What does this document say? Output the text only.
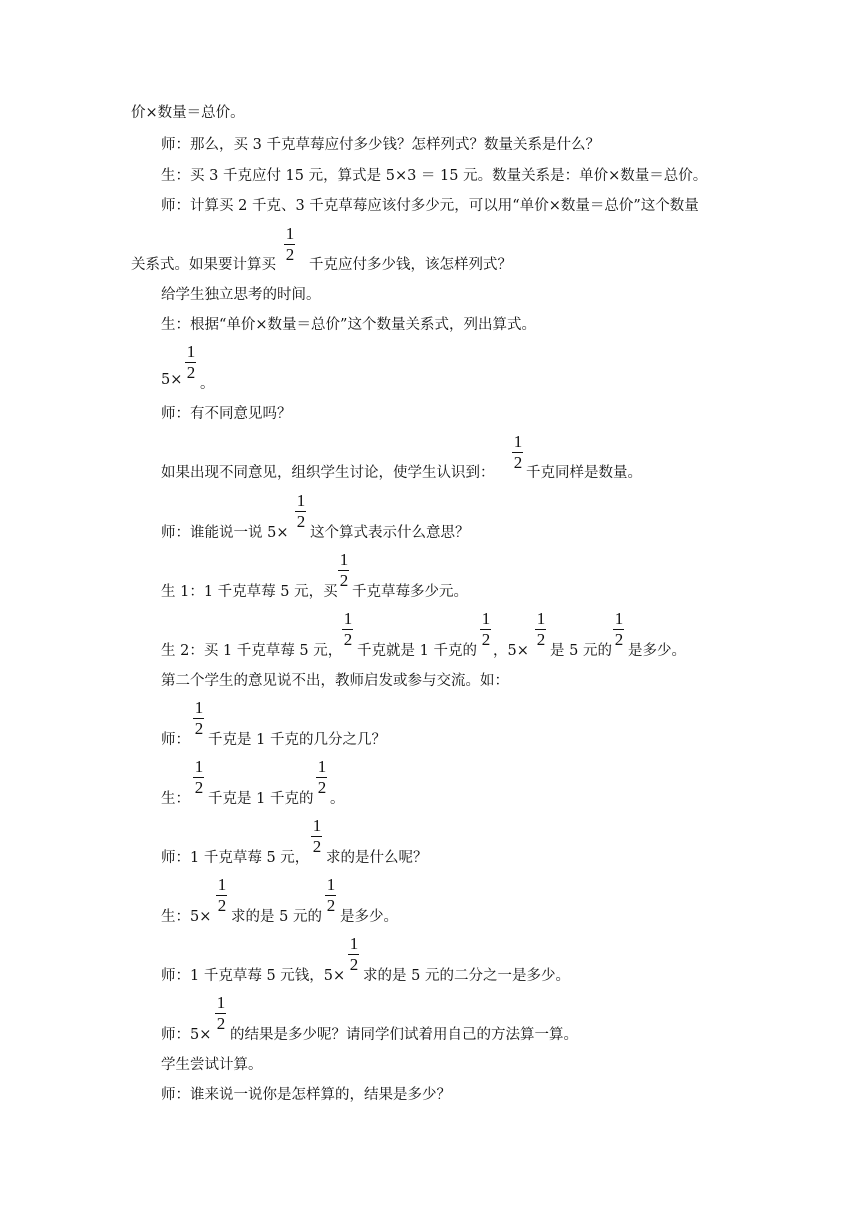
价×数量＝总价。
师：那么，买 3 千克草莓应付多少钱？怎样列式？数量关系是什么？
生：买 3 千克应付 15 元，算式是 5×3 ＝ 15 元。数量关系是：单价×数量＝总价。
师：计算买 2 千克、3 千克草莓应该付多少元，可以用“单价×数量＝总价”这个数量
关系式。如果要计算买
1
2
千克应付多少钱，该怎样列式？
给学生独立思考的时间。
生：根据“单价×数量＝总价”这个数量关系式，列出算式。
5×
1
2
。
师：有不同意见吗？
如果出现不同意见，组织学生讨论，使学生认识到：
1
2
千克同样是数量。
师：谁能说一说 5×
1
2
这个算式表示什么意思？
生 1：1 千克草莓 5 元，买
1
2
千克草莓多少元。
生 2：买 1 千克草莓 5 元，
1
2
千克就是 1 千克的
1
2
，5×
1
2
是 5 元的
1
2
是多少。
第二个学生的意见说不出，教师启发或参与交流。如：
师：
1
2
千克是 1 千克的几分之几？
生：
1
2
千克是 1 千克的
1
2
。
师：1 千克草莓 5 元，
1
2
求的是什么呢？
生：5×
1
2
求的是 5 元的
1
2
是多少。
师：1 千克草莓 5 元钱，5×
1
2
求的是 5 元的二分之一是多少。
师：5×
1
2
的结果是多少呢？请同学们试着用自己的方法算一算。
学生尝试计算。
师：谁来说一说你是怎样算的，结果是多少？
